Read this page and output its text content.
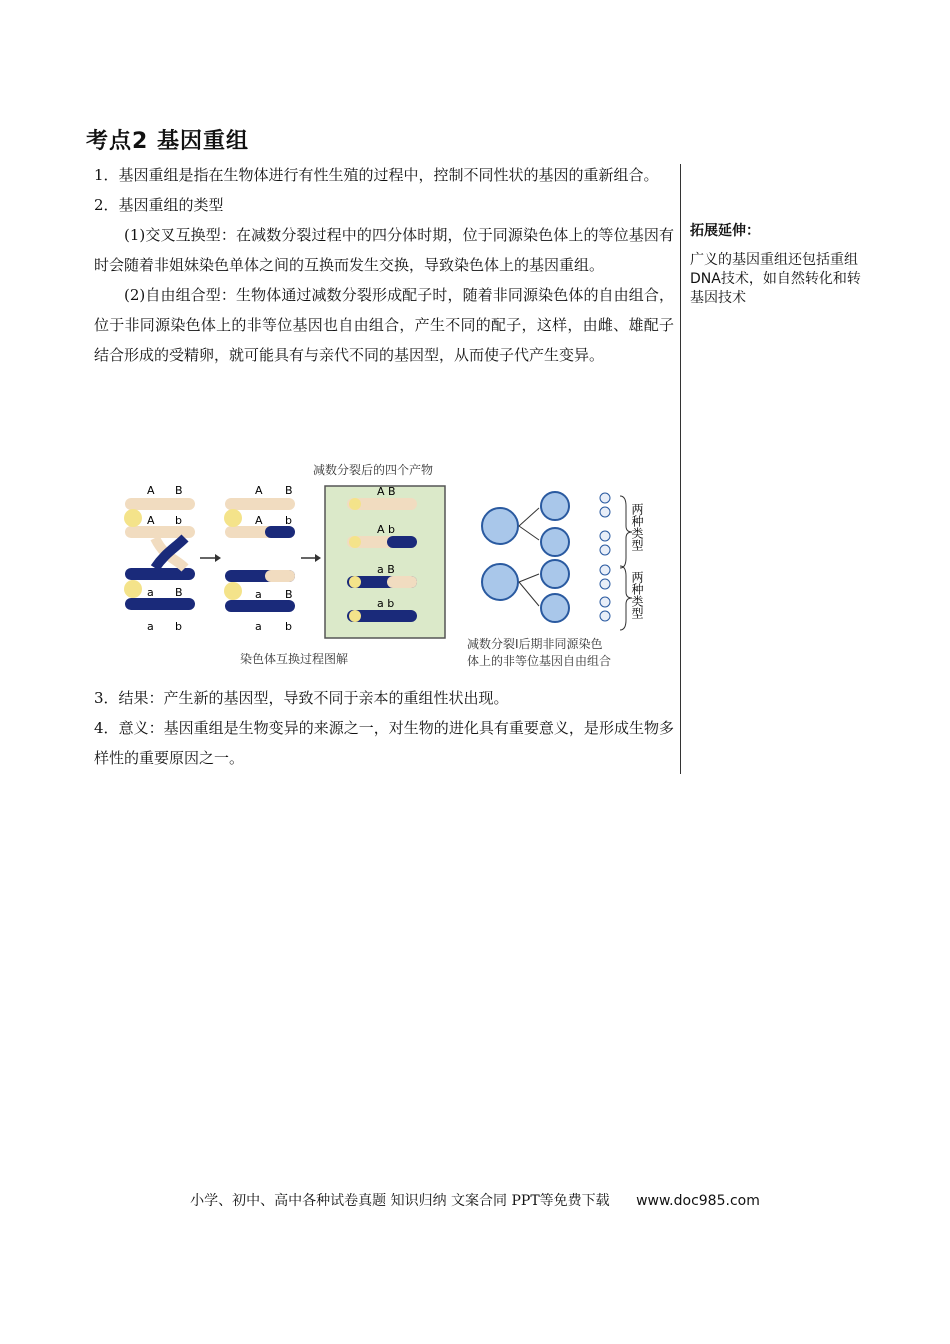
考点2 基因重组

1．基因重组是指在生物体进行有性生殖的过程中，控制不同性状的基因的重新组合。

2．基因重组的类型

(1)交叉互换型：在减数分裂过程中的四分体时期，位于同源染色体上的等位基因有时会随着非姐妹染色单体之间的互换而发生交换，导致染色体上的基因重组。

(2)自由组合型：生物体通过减数分裂形成配子时，随着非同源染色体的自由组合，位于非同源染色体上的非等位基因也自由组合，产生不同的配子，这样，由雌、雄配子结合形成的受精卵，就可能具有与亲代不同的基因型，从而使子代产生变异。

拓展延伸：
广义的基因重组还包括重组DNA技术，如自然转化和转基因技术
A B
A b
a B
a b
A B
A b
a B
a b
减数分裂后的四个产物
A B
A b
a B
a b
染色体互换过程图解
两种类型
两种类型
减数分裂Ⅰ后期非同源染色
体上的非等位基因自由组合

3．结果：产生新的基因型，导致不同于亲本的重组性状出现。

4．意义：基因重组是生物变异的来源之一，对生物的进化具有重要意义，是形成生物多样性的重要原因之一。

小学、初中、高中各种试卷真题 知识归纳 文案合同 PPT等免费下载 www.doc985.com
